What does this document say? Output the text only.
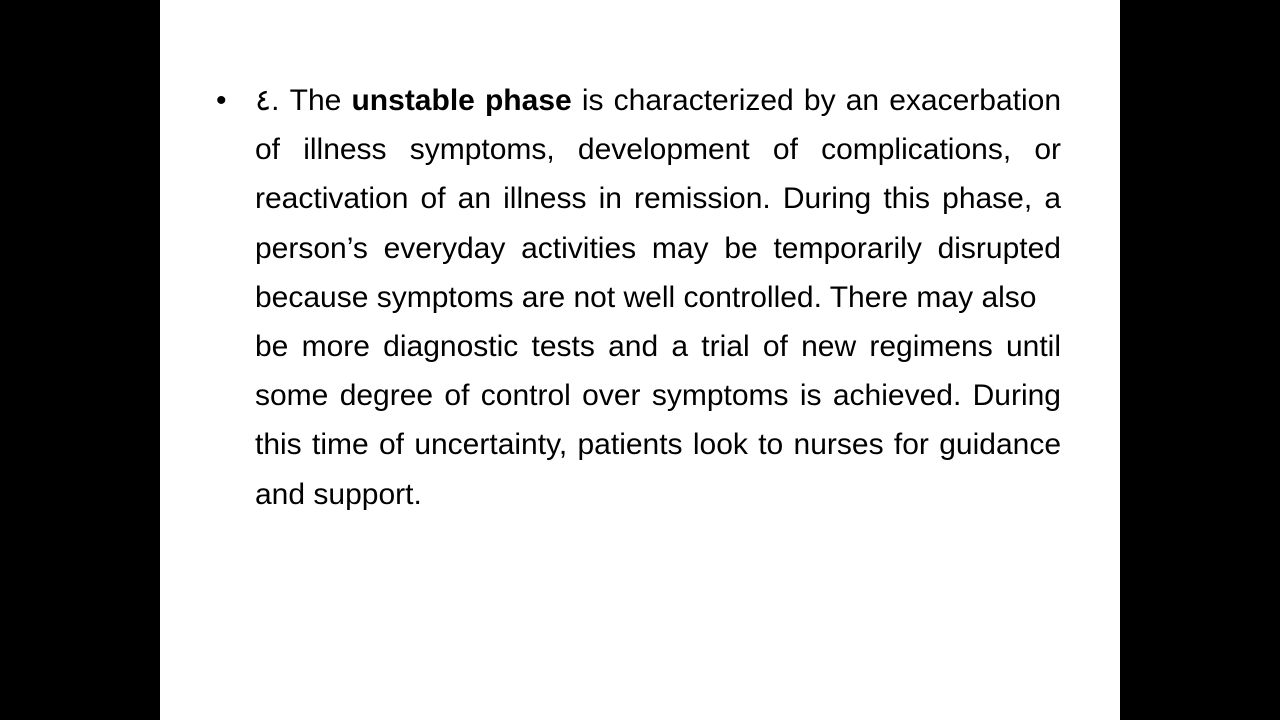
• ٤. The unstable phase is characterized by an exacerbation of illness symptoms, development of complications, or reactivation of an illness in remission. During this phase, a person’s everyday activities may be temporarily disrupted because symptoms are not well controlled. There may also
be more diagnostic tests and a trial of new regimens until some degree of control over symptoms is achieved. During this time of uncertainty, patients look to nurses for guidance and support.
